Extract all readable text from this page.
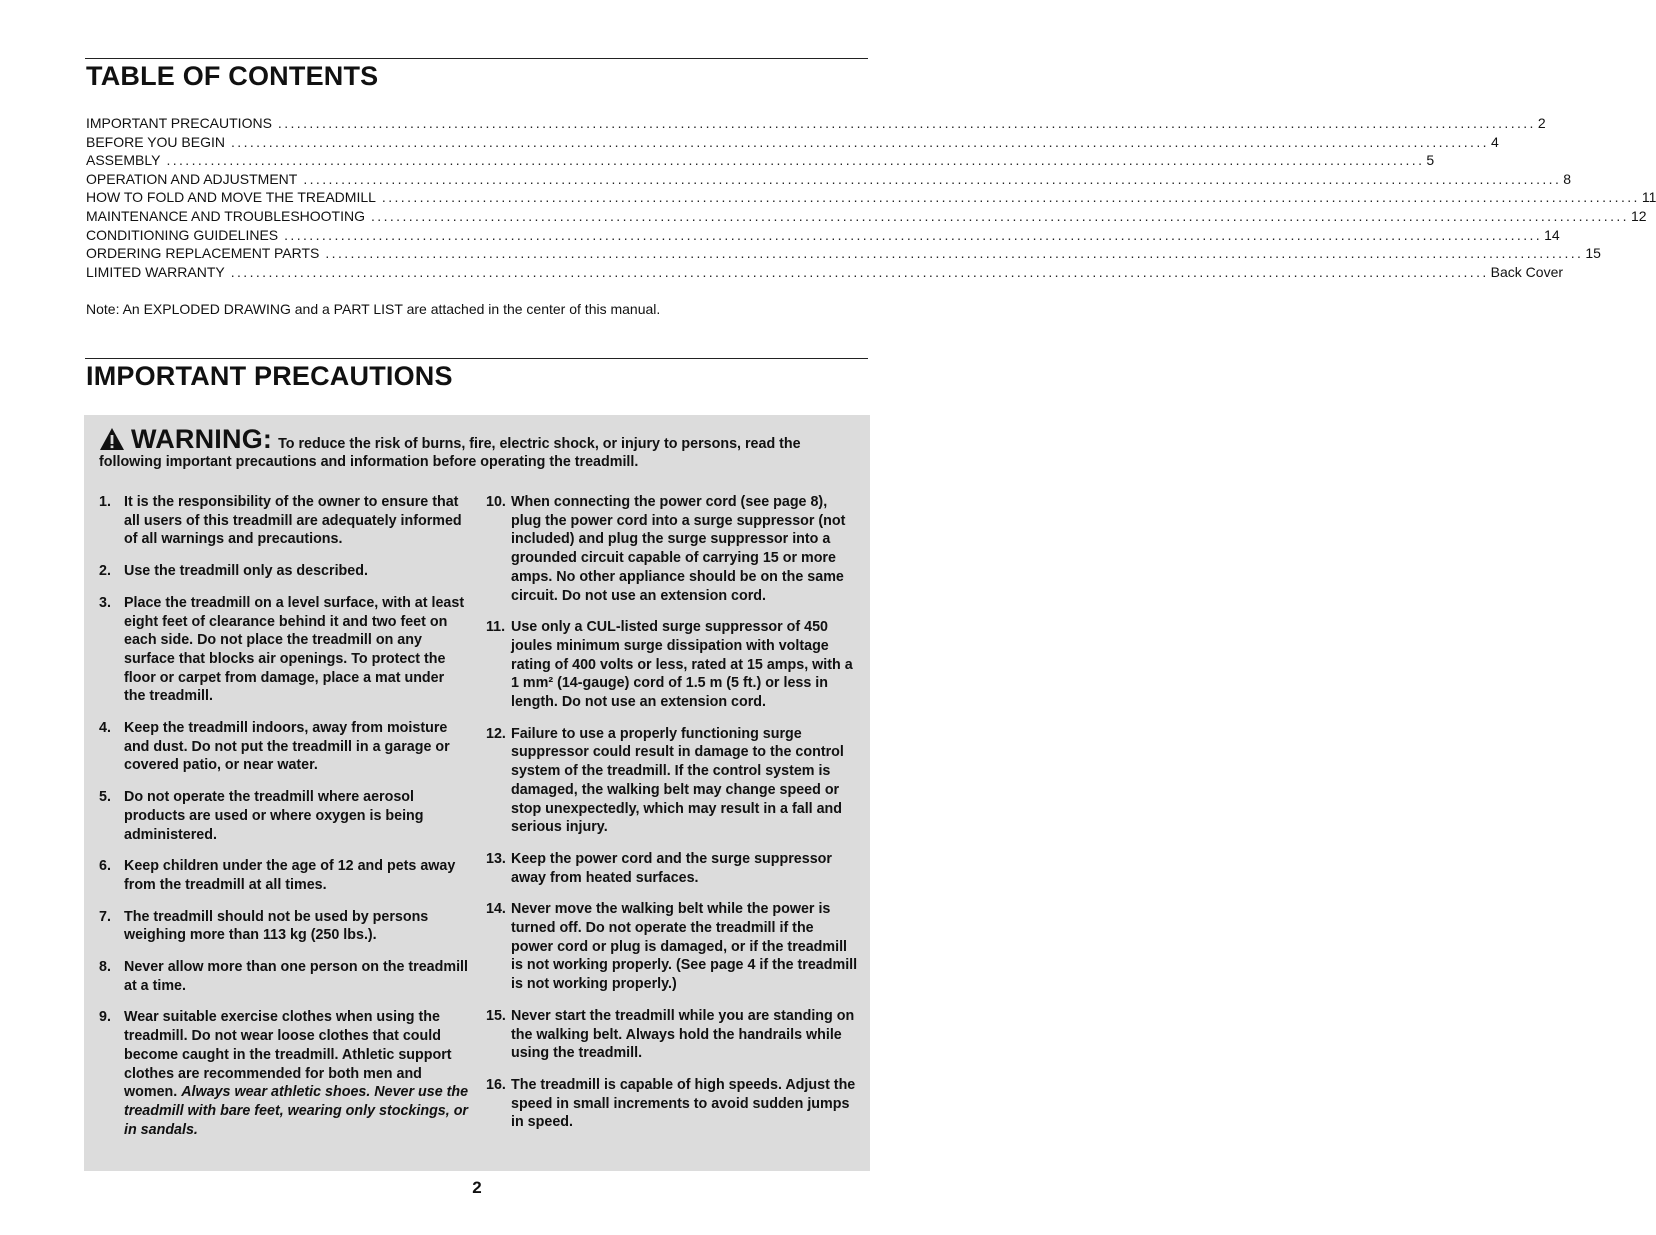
TABLE OF CONTENTS
IMPORTANT PRECAUTIONS ........................................................................................................................................................................................................ 2
BEFORE YOU BEGIN ........................................................................................................................................................................................................ 4
ASSEMBLY ........................................................................................................................................................................................................ 5
OPERATION AND ADJUSTMENT ........................................................................................................................................................................................................ 8
HOW TO FOLD AND MOVE THE TREADMILL ........................................................................................................................................................................................................ 11
MAINTENANCE AND TROUBLESHOOTING ........................................................................................................................................................................................................ 12
CONDITIONING GUIDELINES ........................................................................................................................................................................................................ 14
ORDERING REPLACEMENT PARTS ........................................................................................................................................................................................................ 15
LIMITED WARRANTY ........................................................................................................................................................................................................ Back Cover
Note: An EXPLODED DRAWING and a PART LIST are attached in the center of this manual.
IMPORTANT PRECAUTIONS
WARNING: To reduce the risk of burns, fire, electric shock, or injury to persons, read the following important precautions and information before operating the treadmill.
1. It is the responsibility of the owner to ensure that all users of this treadmill are adequately informed of all warnings and precautions.
2. Use the treadmill only as described.
3. Place the treadmill on a level surface, with at least eight feet of clearance behind it and two feet on each side. Do not place the treadmill on any surface that blocks air openings. To protect the floor or carpet from damage, place a mat under the treadmill.
4. Keep the treadmill indoors, away from moisture and dust. Do not put the treadmill in a garage or covered patio, or near water.
5. Do not operate the treadmill where aerosol products are used or where oxygen is being administered.
6. Keep children under the age of 12 and pets away from the treadmill at all times.
7. The treadmill should not be used by persons weighing more than 113 kg (250 lbs.).
8. Never allow more than one person on the treadmill at a time.
9. Wear suitable exercise clothes when using the treadmill. Do not wear loose clothes that could become caught in the treadmill. Athletic support clothes are recommended for both men and women. Always wear athletic shoes. Never use the treadmill with bare feet, wearing only stockings, or in sandals.
10. When connecting the power cord (see page 8), plug the power cord into a surge suppressor (not included) and plug the surge suppressor into a grounded circuit capable of carrying 15 or more amps. No other appliance should be on the same circuit. Do not use an extension cord.
11. Use only a CUL-listed surge suppressor of 450 joules minimum surge dissipation with voltage rating of 400 volts or less, rated at 15 amps, with a 1 mm² (14-gauge) cord of 1.5 m (5 ft.) or less in length. Do not use an extension cord.
12. Failure to use a properly functioning surge suppressor could result in damage to the control system of the treadmill. If the control system is damaged, the walking belt may change speed or stop unexpectedly, which may result in a fall and serious injury.
13. Keep the power cord and the surge suppressor away from heated surfaces.
14. Never move the walking belt while the power is turned off. Do not operate the treadmill if the power cord or plug is damaged, or if the treadmill is not working properly. (See page 4 if the treadmill is not working properly.)
15. Never start the treadmill while you are standing on the walking belt. Always hold the handrails while using the treadmill.
16. The treadmill is capable of high speeds. Adjust the speed in small increments to avoid sudden jumps in speed.
2
